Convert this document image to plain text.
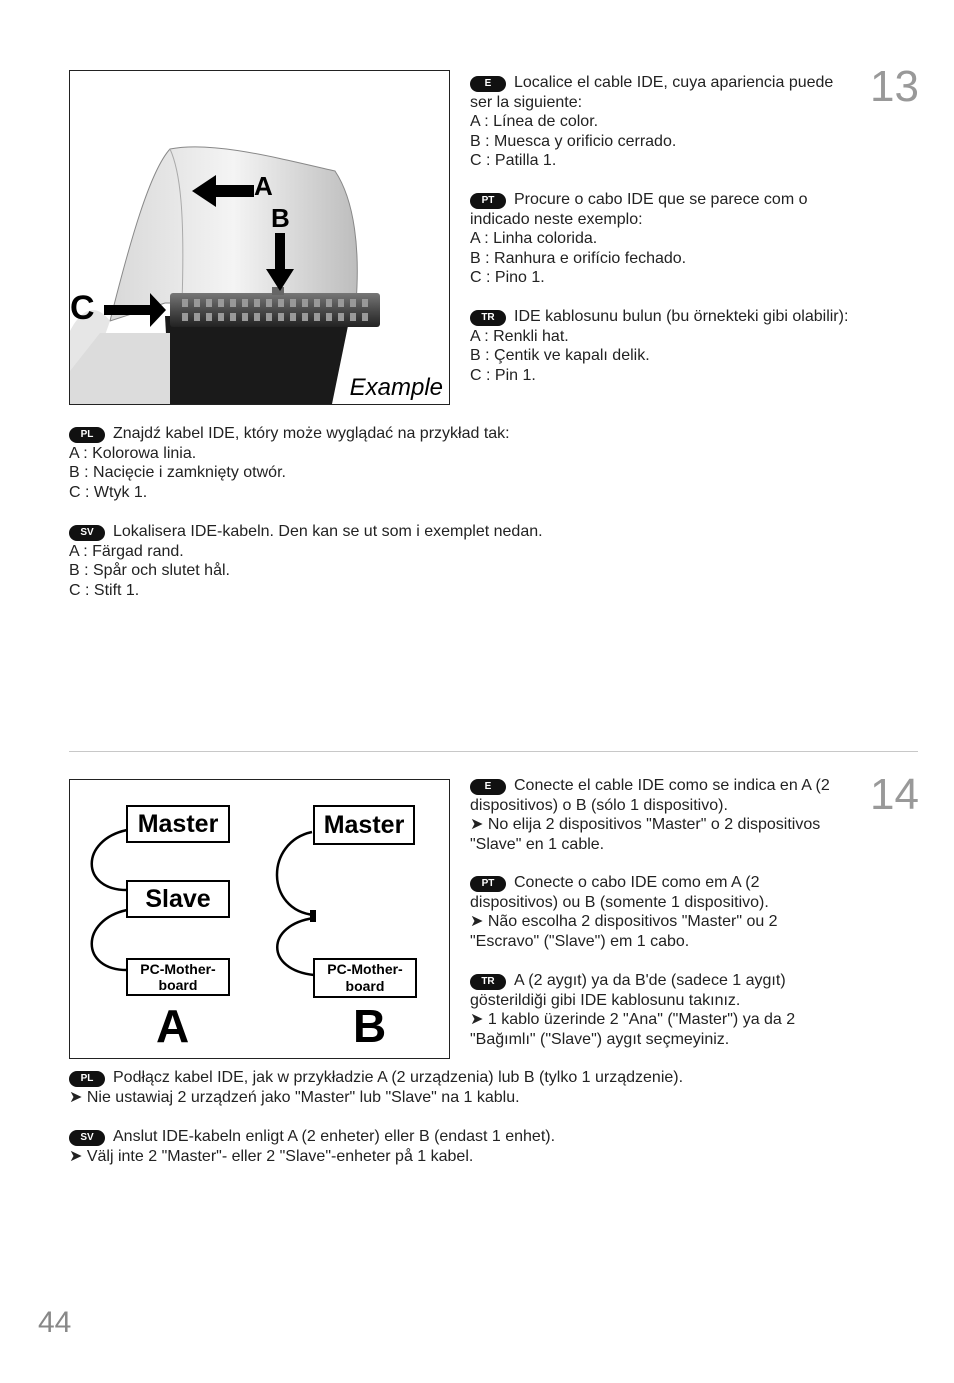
13
A
B
C
Example

E Localice el cable IDE, cuya apariencia puede ser la siguiente:

A : Línea de color.

B : Muesca y orificio cerrado.

C : Patilla 1.

PT Procure o cabo IDE que se parece com o indicado neste exemplo:

A : Linha colorida.

B : Ranhura e orifício fechado.

C : Pino 1.

TR IDE kablosunu bulun (bu örnekteki gibi olabilir):

A : Renkli hat.

B : Çentik ve kapalı delik.

C : Pin 1.

PL Znajdź kabel IDE, który może wyglądać na przykład tak:

A : Kolorowa linia.

B : Nacięcie i zamknięty otwór.

C : Wtyk 1.

SV Lokalisera IDE-kabeln. Den kan se ut som i exemplet nedan.

A : Färgad rand.

B : Spår och slutet hål.

C : Stift 1.

14
Master
Slave
PC-Mother-
board
A
Master
PC-Mother-
board
B

E Conecte el cable IDE como se indica en A (2 dispositivos) o B (sólo 1 dispositivo).

➤ No elija 2 dispositivos "Master" o 2 dispositivos "Slave" en 1 cable.

PT Conecte o cabo IDE como em A (2 dispositivos) ou B (somente 1 dispositivo).

➤ Não escolha 2 dispositivos "Master" ou 2 "Escravo" ("Slave") em 1 cabo.

TR A (2 aygıt) ya da B'de (sadece 1 aygıt) gösterildiği gibi IDE kablosunu takınız.

➤ 1 kablo üzerinde 2 "Ana" ("Master") ya da 2 "Bağımlı" ("Slave") aygıt seçmeyiniz.

PL Podłącz kabel IDE, jak w przykładzie A (2 urządzenia) lub B (tylko 1 urządzenie).

➤ Nie ustawiaj 2 urządzeń jako "Master" lub "Slave" na 1 kablu.

SV Anslut IDE-kabeln enligt A (2 enheter) eller B (endast 1 enhet).

➤ Välj inte 2 "Master"- eller 2 "Slave"-enheter på 1 kabel.

44
